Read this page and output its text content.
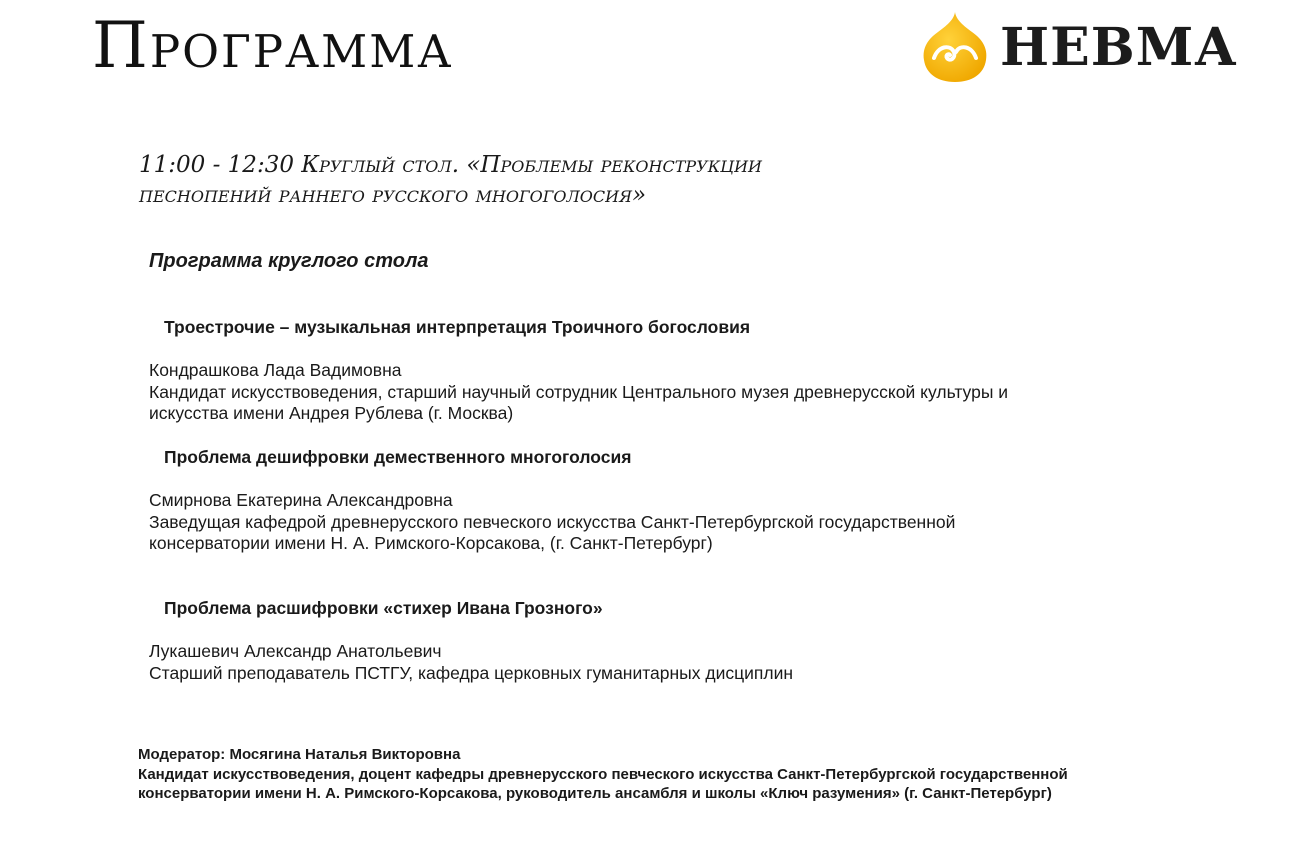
Программа	НЕВМА
11:00 - 12:30 Круглый стол. «Проблемы реконструкции
песнопений раннего русского многоголосия»
Программа круглого стола
Троестрочие – музыкальная интерпретация Троичного богословия
Кондрашкова Лада Вадимовна
Кандидат искусствоведения, старший научный сотрудник Центрального музея древнерусской культуры и
искусства имени Андрея Рублева (г. Москва)
Проблема дешифровки демественного многоголосия
Смирнова Екатерина Александровна
Заведущая кафедрой древнерусского певческого искусства Санкт-Петербургской государственной
консерватории имени Н. А. Римского-Корсакова, (г. Санкт-Петербург)
Проблема расшифровки «стихер Ивана Грозного»
Лукашевич Александр Анатольевич
Старший преподаватель ПСТГУ, кафедра церковных гуманитарных дисциплин
Модератор: Мосягина Наталья Викторовна
Кандидат искусствоведения, доцент кафедры древнерусского певческого искусства Санкт-Петербургской государственной
консерватории имени Н. А. Римского-Корсакова, руководитель ансамбля и школы «Ключ разумения» (г. Санкт-Петербург)
